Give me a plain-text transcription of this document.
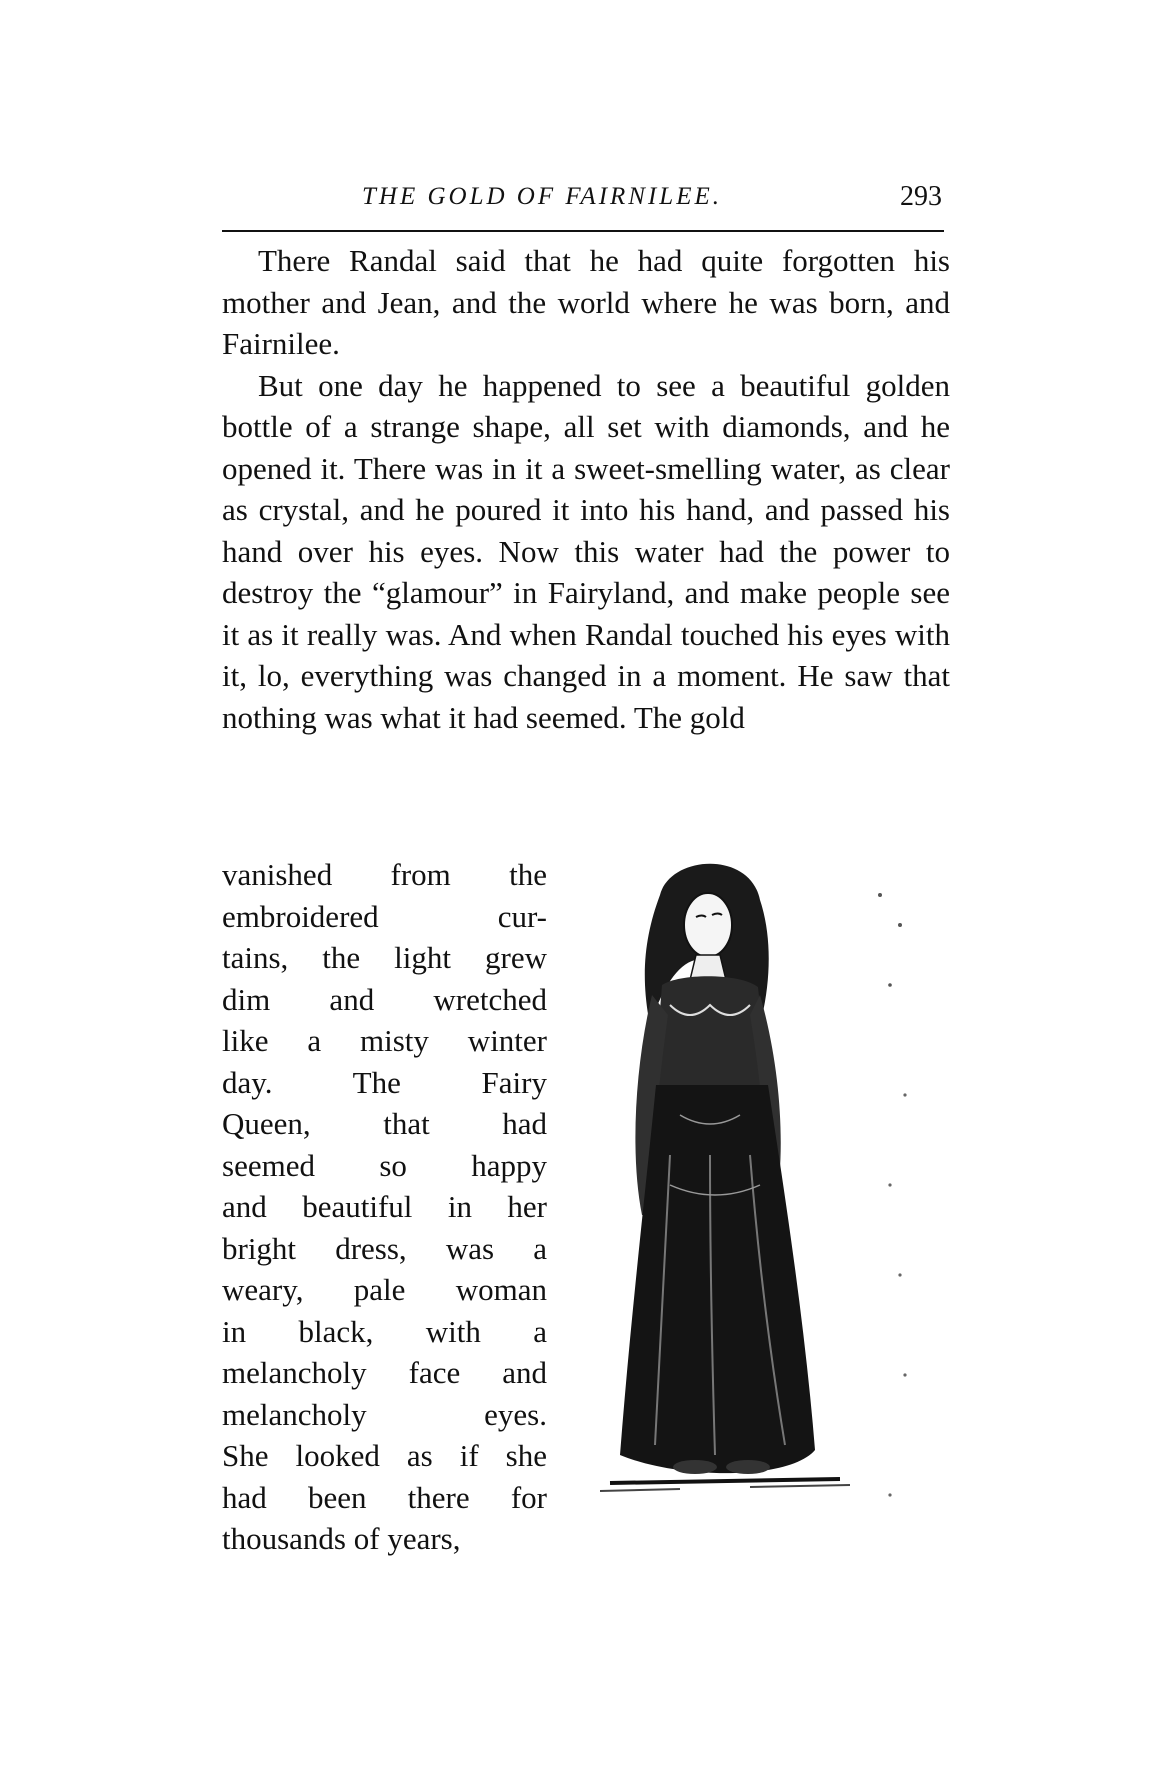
THE GOLD OF FAIRNILEE.	293

There Randal said that he had quite forgotten his mother and Jean, and the world where he was born, and Fairnilee.

But one day he happened to see a beautiful golden bottle of a strange shape, all set with diamonds, and he opened it. There was in it a sweet-smelling water, as clear as crystal, and he poured it into his hand, and passed his hand over his eyes. Now this water had the power to destroy the “glamour” in Fairyland, and make people see it as it really was. And when Randal touched his eyes with it, lo, everything was changed in a moment. He saw that nothing was what it had seemed. The gold

vanished from the
embroidered cur-
tains, the light grew
dim and wretched
like a misty winter
day. The Fairy
Queen, that had
seemed so happy
and beautiful in her
bright dress, was a
weary, pale woman
in black, with a
melancholy face and
melancholy eyes.
She looked as if she
had been there for
thousands of years,
